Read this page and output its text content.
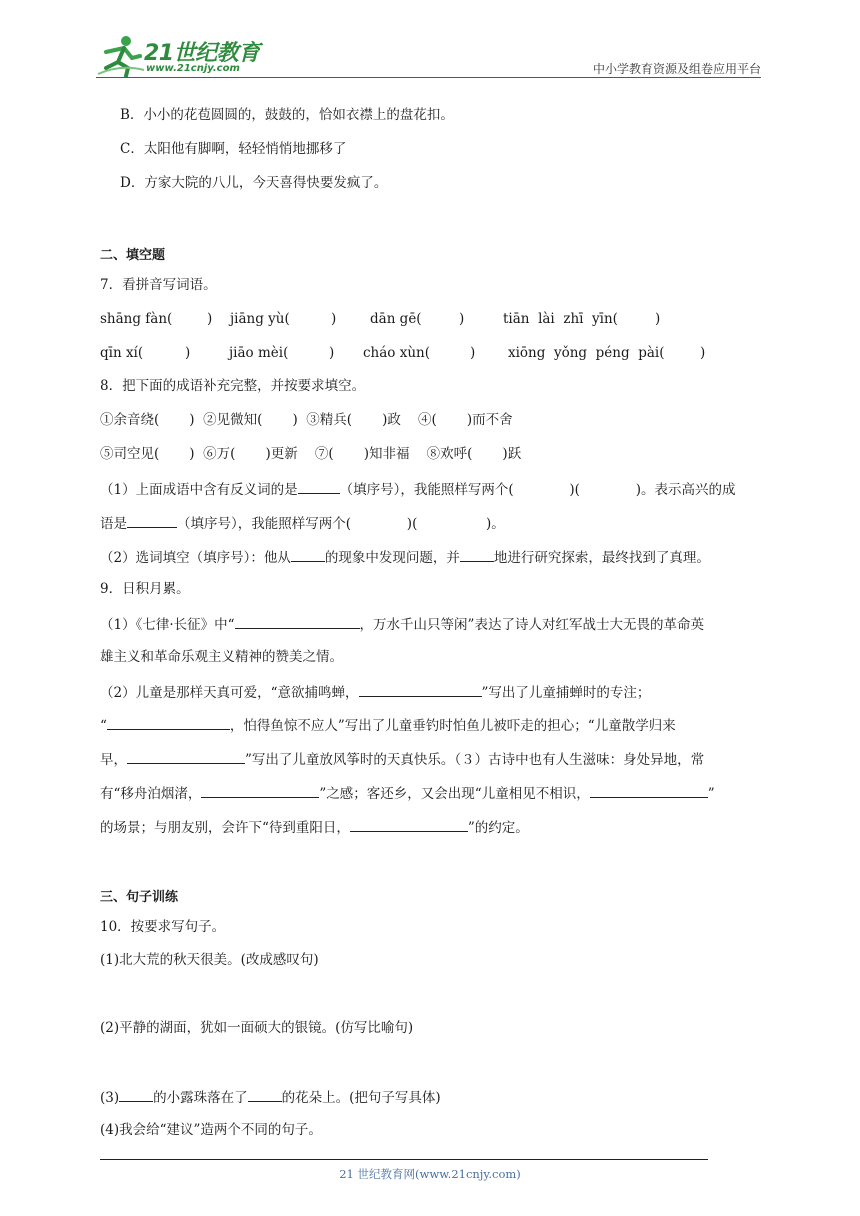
21世纪教育
www.21cnjy.com	中小学教育资源及组卷应用平台
B．小小的花苞圆圆的，鼓鼓的，恰如衣襟上的盘花扣。
C．太阳他有脚啊，轻轻悄悄地挪移了
D．方家大院的八儿，今天喜得快要发疯了。
二、填空题
7．看拼音写词语。
shāng fàn(	) jiāng yù(	) dān gē(	)	tiān  lài  zhī  yīn(	)
qīn xí(	)	jiāo mèi(	) cháo xùn(	) xiōng  yǒng  péng  pài(	)
8．把下面的成语补充完整，并按要求填空。
①余音绕(       )  ②见微知(       )  ③精兵(       )政    ④(       )而不舍
⑤司空见(       )  ⑥万(       )更新    ⑦(       )知非福    ⑧欢呼(       )跃
（1）上面成语中含有反义词的是	（填序号），我能照样写两个(             )(             )。表示高兴的成
语是	（填序号），我能照样写两个(             )(                )。
（2）选词填空（填序号）：他从	的现象中发现问题，并	地进行研究探索，最终找到了真理。
9．日积月累。
（1）《七律·长征》中“	，万水千山只等闲”表达了诗人对红军战士大无畏的革命英
雄主义和革命乐观主义精神的赞美之情。
（2）儿童是那样天真可爱，“意欲捕鸣蝉，	”写出了儿童捕蝉时的专注；
“	，怕得鱼惊不应人”写出了儿童垂钓时怕鱼儿被吓走的担心；“儿童散学归来
早，	”写出了儿童放风筝时的天真快乐。（３）古诗中也有人生滋味：身处异地，常
有“移舟泊烟渚，	”之感；客还乡，又会出现“儿童相见不相识，	”
的场景；与朋友别，会许下“待到重阳日，	”的约定。
三、句子训练
10．按要求写句子。
(1)北大荒的秋天很美。(改成感叹句)
(2)平静的湖面，犹如一面硕大的银镜。(仿写比喻句)
(3)	的小露珠落在了	的花朵上。(把句子写具体)
(4)我会给“建议”造两个不同的句子。
21 世纪教育网(www.21cnjy.com)
